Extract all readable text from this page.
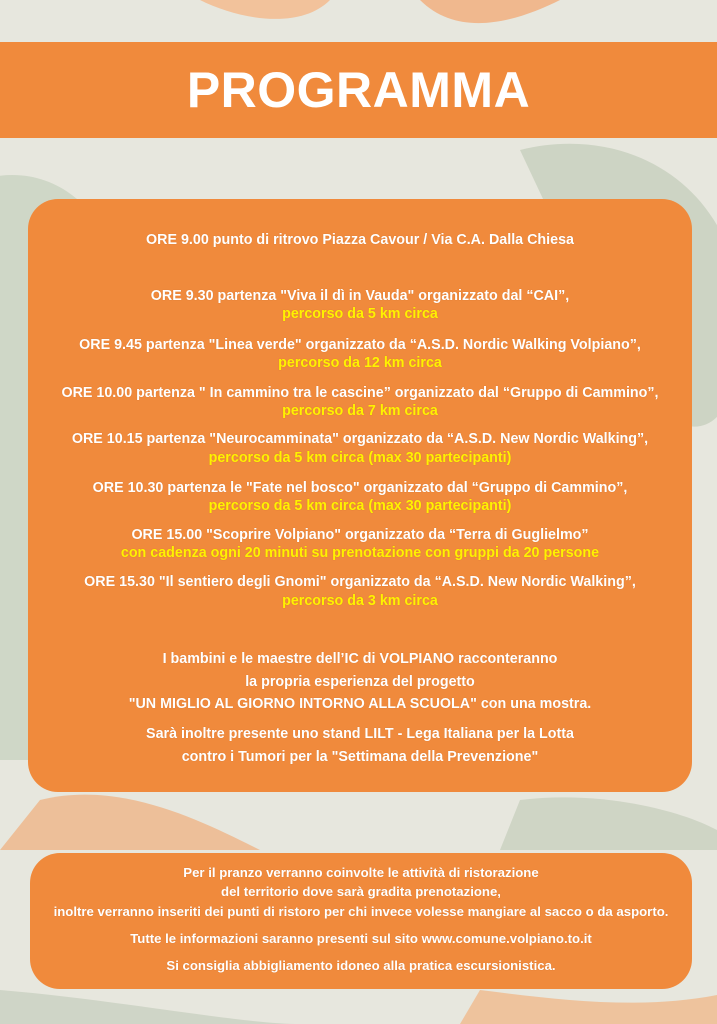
PROGRAMMA
ORE 9.00 punto di ritrovo Piazza Cavour / Via C.A. Dalla Chiesa
ORE 9.30 partenza "Viva il dì in Vauda" organizzato dal “CAI”,
percorso da 5 km circa
ORE 9.45 partenza "Linea verde" organizzato da “A.S.D. Nordic Walking Volpiano”,
percorso da 12 km circa
ORE 10.00 partenza " In cammino tra le cascine” organizzato dal “Gruppo di Cammino”,
percorso da 7 km circa
ORE 10.15 partenza "Neurocamminata" organizzato da “A.S.D. New Nordic Walking”,
percorso da 5 km circa (max 30 partecipanti)
ORE 10.30 partenza le "Fate nel bosco" organizzato dal “Gruppo di Cammino”,
percorso da 5 km circa (max 30 partecipanti)
ORE 15.00 "Scoprire Volpiano" organizzato da “Terra di Guglielmo”
con cadenza ogni 20 minuti su prenotazione con gruppi da 20 persone
ORE 15.30 "Il sentiero degli Gnomi" organizzato da “A.S.D. New Nordic Walking”,
percorso da 3 km circa
I bambini e le maestre dell’IC di VOLPIANO racconteranno
la propria esperienza del progetto
"UN MIGLIO AL GIORNO INTORNO ALLA SCUOLA" con una mostra.
Sarà inoltre presente uno stand LILT - Lega Italiana per la Lotta
contro i Tumori per la "Settimana della Prevenzione"
Per il pranzo verranno coinvolte le attività di ristorazione
del territorio dove sarà gradita prenotazione,
inoltre verranno inseriti dei punti di ristoro per chi invece volesse mangiare al sacco o da asporto.
Tutte le informazioni saranno presenti sul sito www.comune.volpiano.to.it
Si consiglia abbigliamento idoneo alla pratica escursionistica.
